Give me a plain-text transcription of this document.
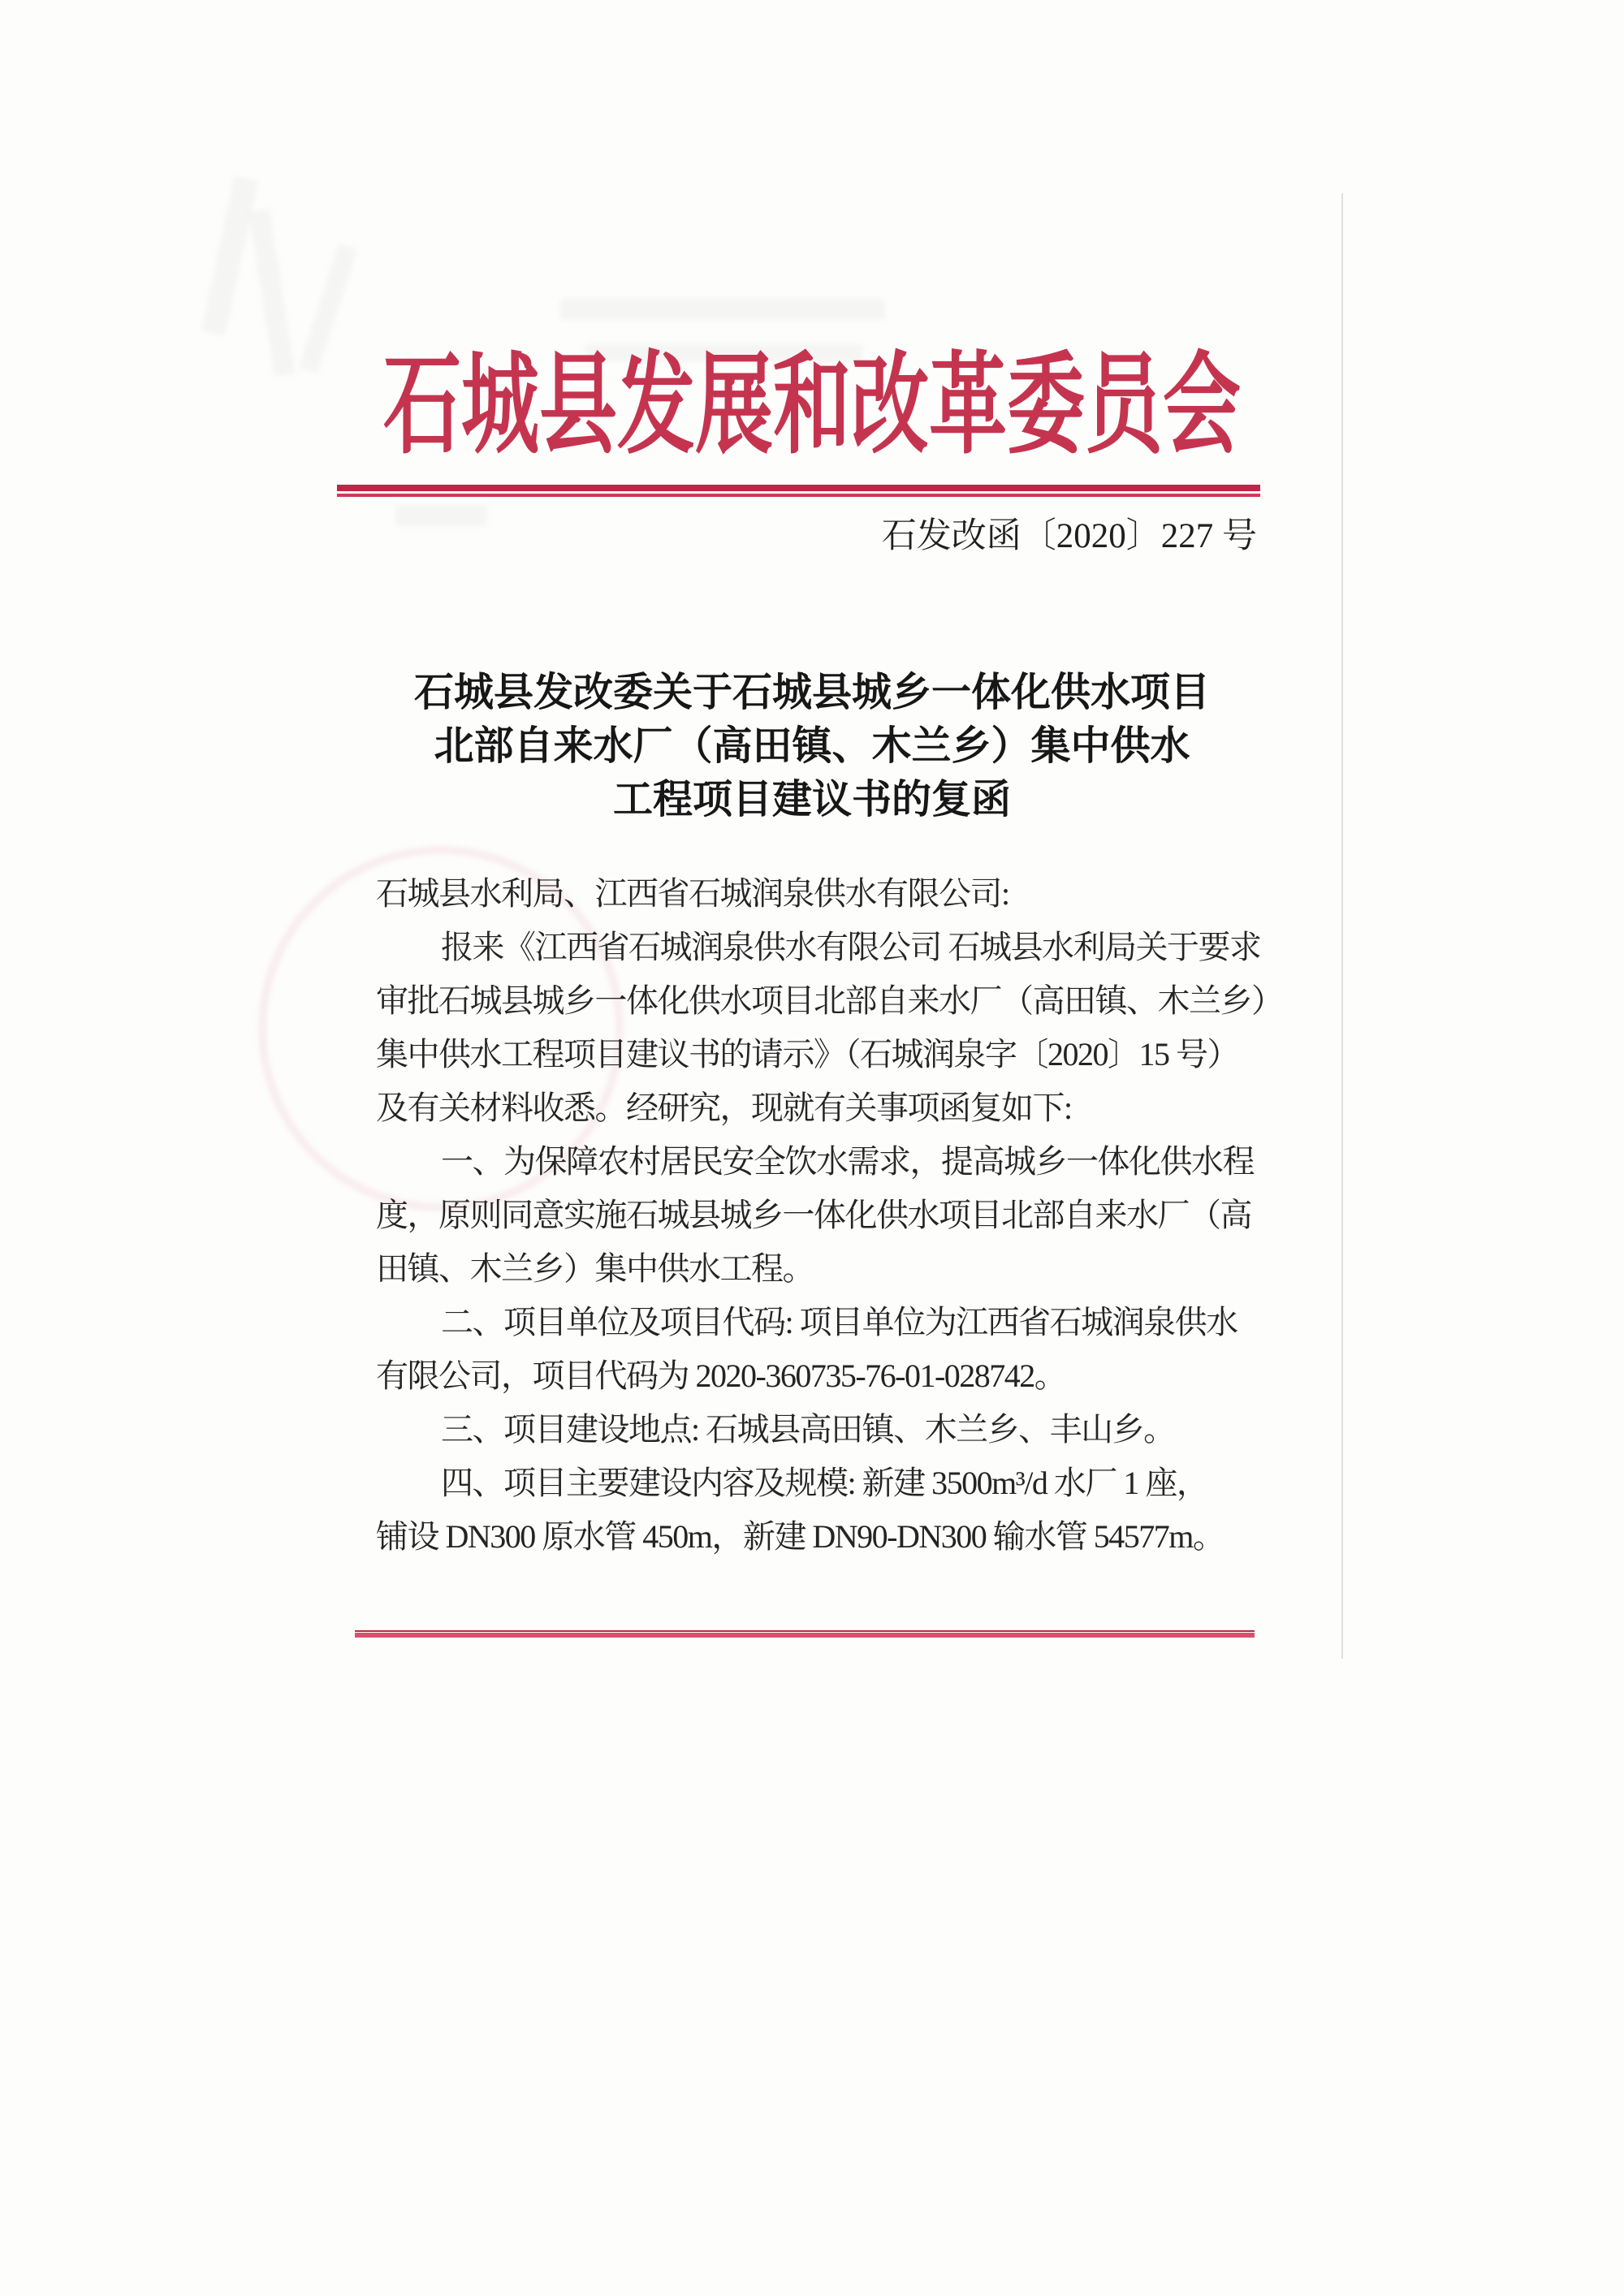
石城县发展和改革委员会
石发改函〔2020〕227 号
石城县发改委关于石城县城乡一体化供水项目
北部自来水厂（高田镇、木兰乡）集中供水
工程项目建议书的复函
石城县水利局、江西省石城润泉供水有限公司:
报来《江西省石城润泉供水有限公司 石城县水利局关于要求
审批石城县城乡一体化供水项目北部自来水厂（高田镇、木兰乡）
集中供水工程项目建议书的请示》（石城润泉字〔2020〕15 号）
及有关材料收悉。经研究，现就有关事项函复如下:
一、为保障农村居民安全饮水需求，提高城乡一体化供水程
度，原则同意实施石城县城乡一体化供水项目北部自来水厂（高
田镇、木兰乡）集中供水工程。
二、项目单位及项目代码: 项目单位为江西省石城润泉供水
有限公司，项目代码为 2020-360735-76-01-028742。
三、项目建设地点: 石城县高田镇、木兰乡、丰山乡。
四、项目主要建设内容及规模: 新建 3500m³/d 水厂 1 座，
铺设 DN300 原水管 450m，新建 DN90-DN300 输水管 54577m。
